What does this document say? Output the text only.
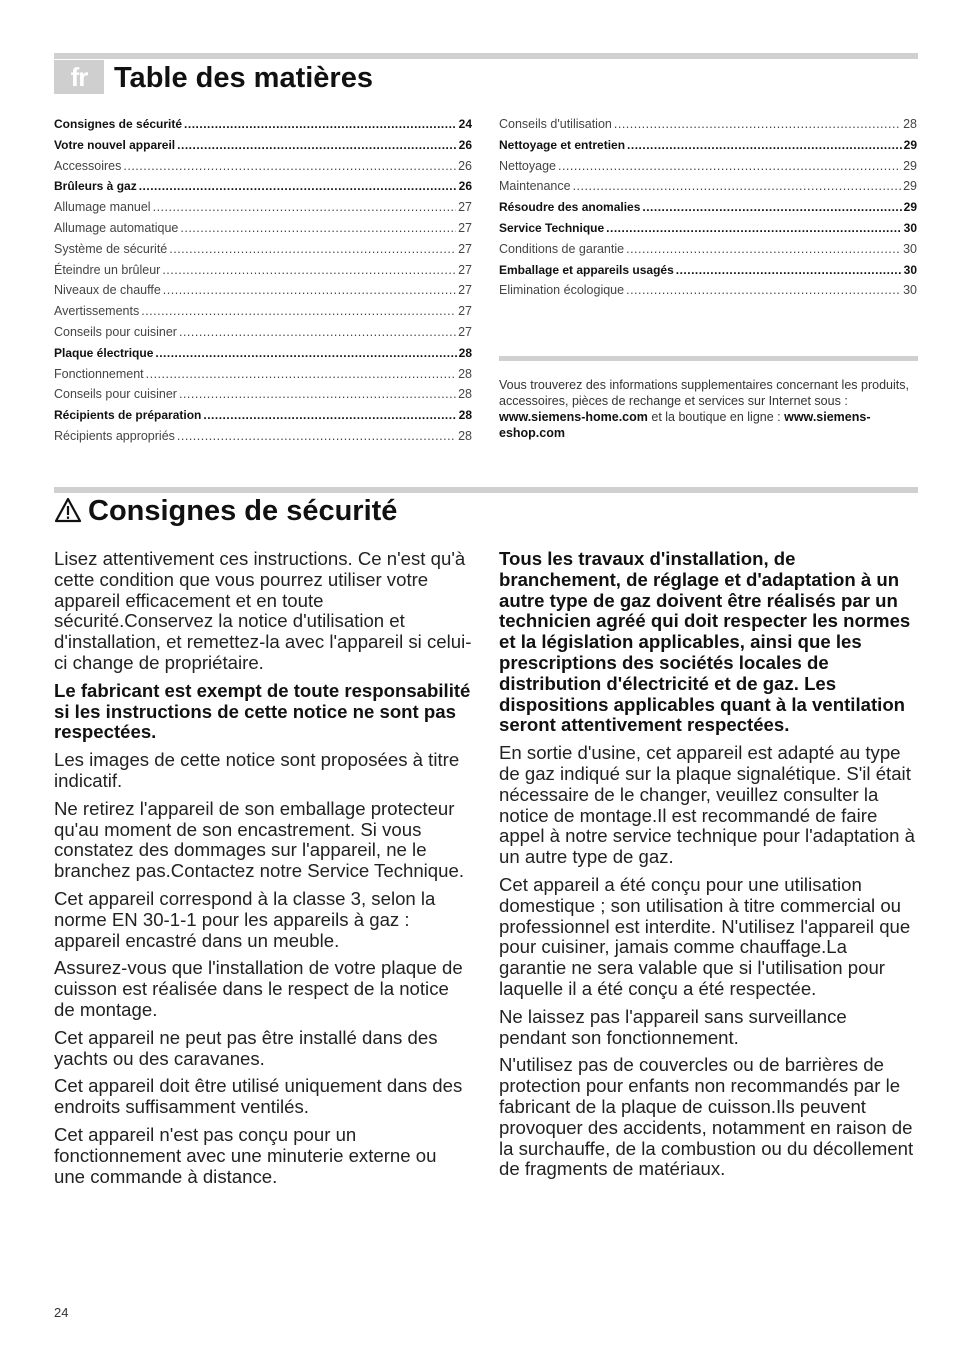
fr Table des matières
Consignes de sécurité .....	24
Votre nouvel appareil .....	26
Accessoires .....	26
Brûleurs à gaz .....	26
Allumage manuel .....	27
Allumage automatique .....	27
Système de sécurité .....	27
Éteindre un brûleur .....	27
Niveaux de chauffe .....	27
Avertissements .....	27
Conseils pour cuisiner .....	27
Plaque électrique .....	28
Fonctionnement .....	28
Conseils pour cuisiner .....	28
Récipients de préparation .....	28
Récipients appropriés .....	28
Conseils d'utilisation .....	28
Nettoyage et entretien .....	29
Nettoyage .....	29
Maintenance .....	29
Résoudre des anomalies .....	29
Service Technique .....	30
Conditions de garantie .....	30
Emballage et appareils usagés .....	30
Elimination écologique .....	30
Vous trouverez des informations supplementaires concernant les produits, accessoires, pièces de rechange et services sur Internet sous : www.siemens-home.com et la boutique en ligne : www.siemens-eshop.com
Consignes de sécurité

Lisez attentivement ces instructions. Ce n'est qu'à cette condition que vous pourrez utiliser votre appareil efficacement et en toute sécurité.Conservez la notice d'utilisation et d'installation, et remettez-la avec l'appareil si celui-ci change de propriétaire.

Le fabricant est exempt de toute responsabilité si les instructions de cette notice ne sont pas respectées.

Les images de cette notice sont proposées à titre indicatif.

Ne retirez l'appareil de son emballage protecteur qu'au moment de son encastrement. Si vous constatez des dommages sur l'appareil, ne le branchez pas.Contactez notre Service Technique.

Cet appareil correspond à la classe 3, selon la norme EN 30-1-1 pour les appareils à gaz : appareil encastré dans un meuble.

Assurez-vous que l'installation de votre plaque de cuisson est réalisée dans le respect de la notice de montage.

Cet appareil ne peut pas être installé dans des yachts ou des caravanes.

Cet appareil doit être utilisé uniquement dans des endroits suffisamment ventilés.

Cet appareil n'est pas conçu pour un fonctionnement avec une minuterie externe ou une commande à distance.

Tous les travaux d'installation, de branchement, de réglage et d'adaptation à un autre type de gaz doivent être réalisés par un technicien agréé qui doit respecter les normes et la législation applicables, ainsi que les prescriptions des sociétés locales de distribution d'électricité et de gaz. Les dispositions applicables quant à la ventilation seront attentivement respectées.

En sortie d'usine, cet appareil est adapté au type de gaz indiqué sur la plaque signalétique. S'il était nécessaire de le changer, veuillez consulter la notice de montage.Il est recommandé de faire appel à notre service technique pour l'adaptation à un autre type de gaz.

Cet appareil a été conçu pour une utilisation domestique ; son utilisation à titre commercial ou professionnel est interdite. N'utilisez l'appareil que pour cuisiner, jamais comme chauffage.La garantie ne sera valable que si l'utilisation pour laquelle il a été conçu a été respectée.

Ne laissez pas l'appareil sans surveillance pendant son fonctionnement.

N'utilisez pas de couvercles ou de barrières de protection pour enfants non recommandés par le fabricant de la plaque de cuisson.Ils peuvent provoquer des accidents, notamment en raison de la surchauffe, de la combustion ou du décollement de fragments de matériaux.

24
